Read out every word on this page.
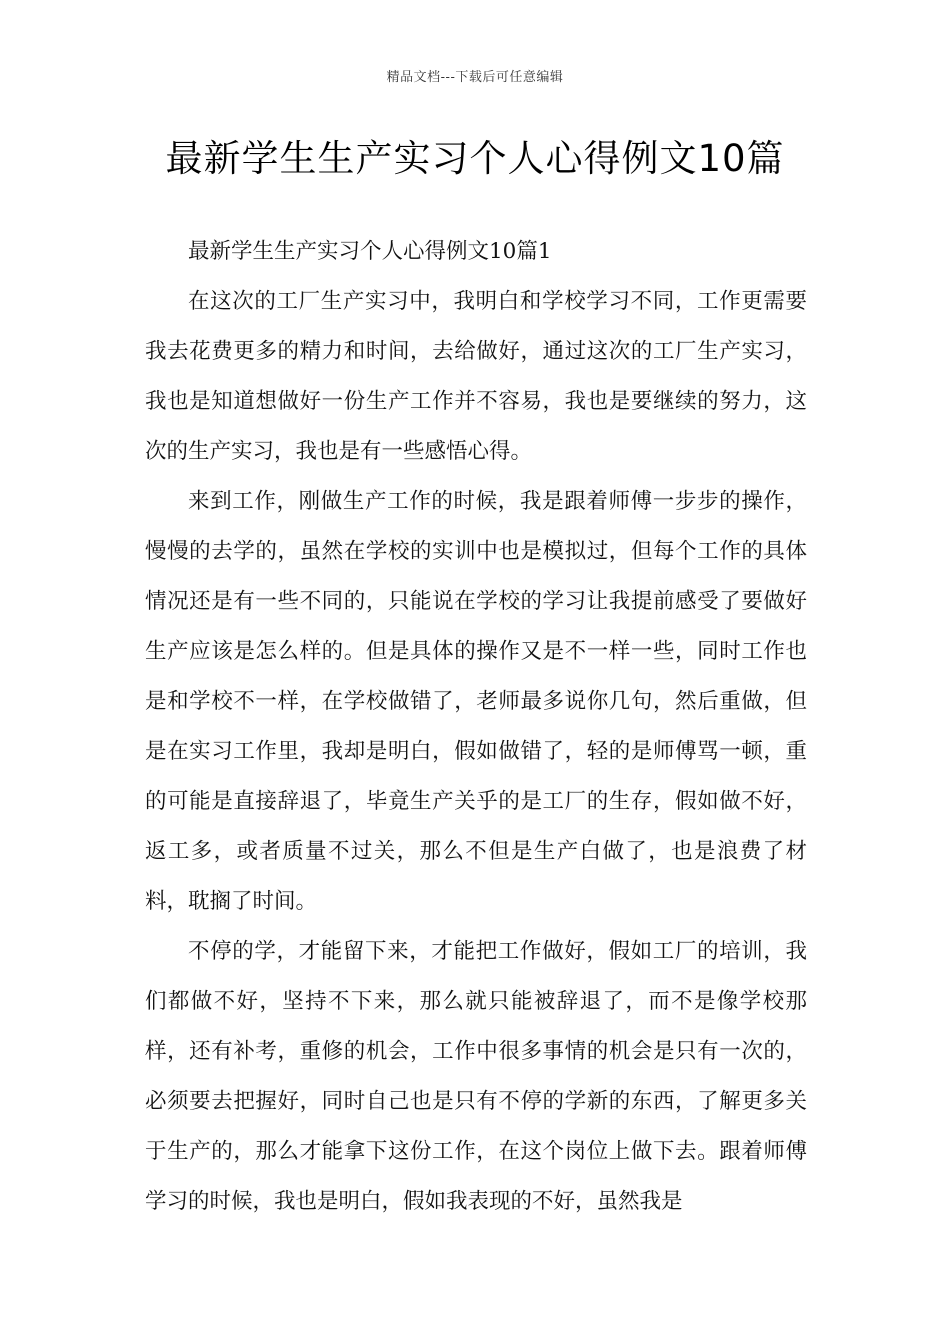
精品文档---下载后可任意编辑
最新学生生产实习个人心得例文10篇

最新学生生产实习个人心得例文10篇1

在这次的工厂生产实习中，我明白和学校学习不同，工作更需要我去花费更多的精力和时间，去给做好，通过这次的工厂生产实习，我也是知道想做好一份生产工作并不容易，我也是要继续的努力，这次的生产实习，我也是有一些感悟心得。

来到工作，刚做生产工作的时候，我是跟着师傅一步步的操作，慢慢的去学的，虽然在学校的实训中也是模拟过，但每个工作的具体情况还是有一些不同的，只能说在学校的学习让我提前感受了要做好生产应该是怎么样的。但是具体的操作又是不一样一些，同时工作也是和学校不一样，在学校做错了，老师最多说你几句，然后重做，但是在实习工作里，我却是明白，假如做错了，轻的是师傅骂一顿，重的可能是直接辞退了，毕竟生产关乎的是工厂的生存，假如做不好，返工多，或者质量不过关，那么不但是生产白做了，也是浪费了材料，耽搁了时间。

不停的学，才能留下来，才能把工作做好，假如工厂的培训，我们都做不好，坚持不下来，那么就只能被辞退了，而不是像学校那样，还有补考，重修的机会，工作中很多事情的机会是只有一次的，必须要去把握好，同时自己也是只有不停的学新的东西，了解更多关于生产的，那么才能拿下这份工作，在这个岗位上做下去。跟着师傅学习的时候，我也是明白，假如我表现的不好，虽然我是
